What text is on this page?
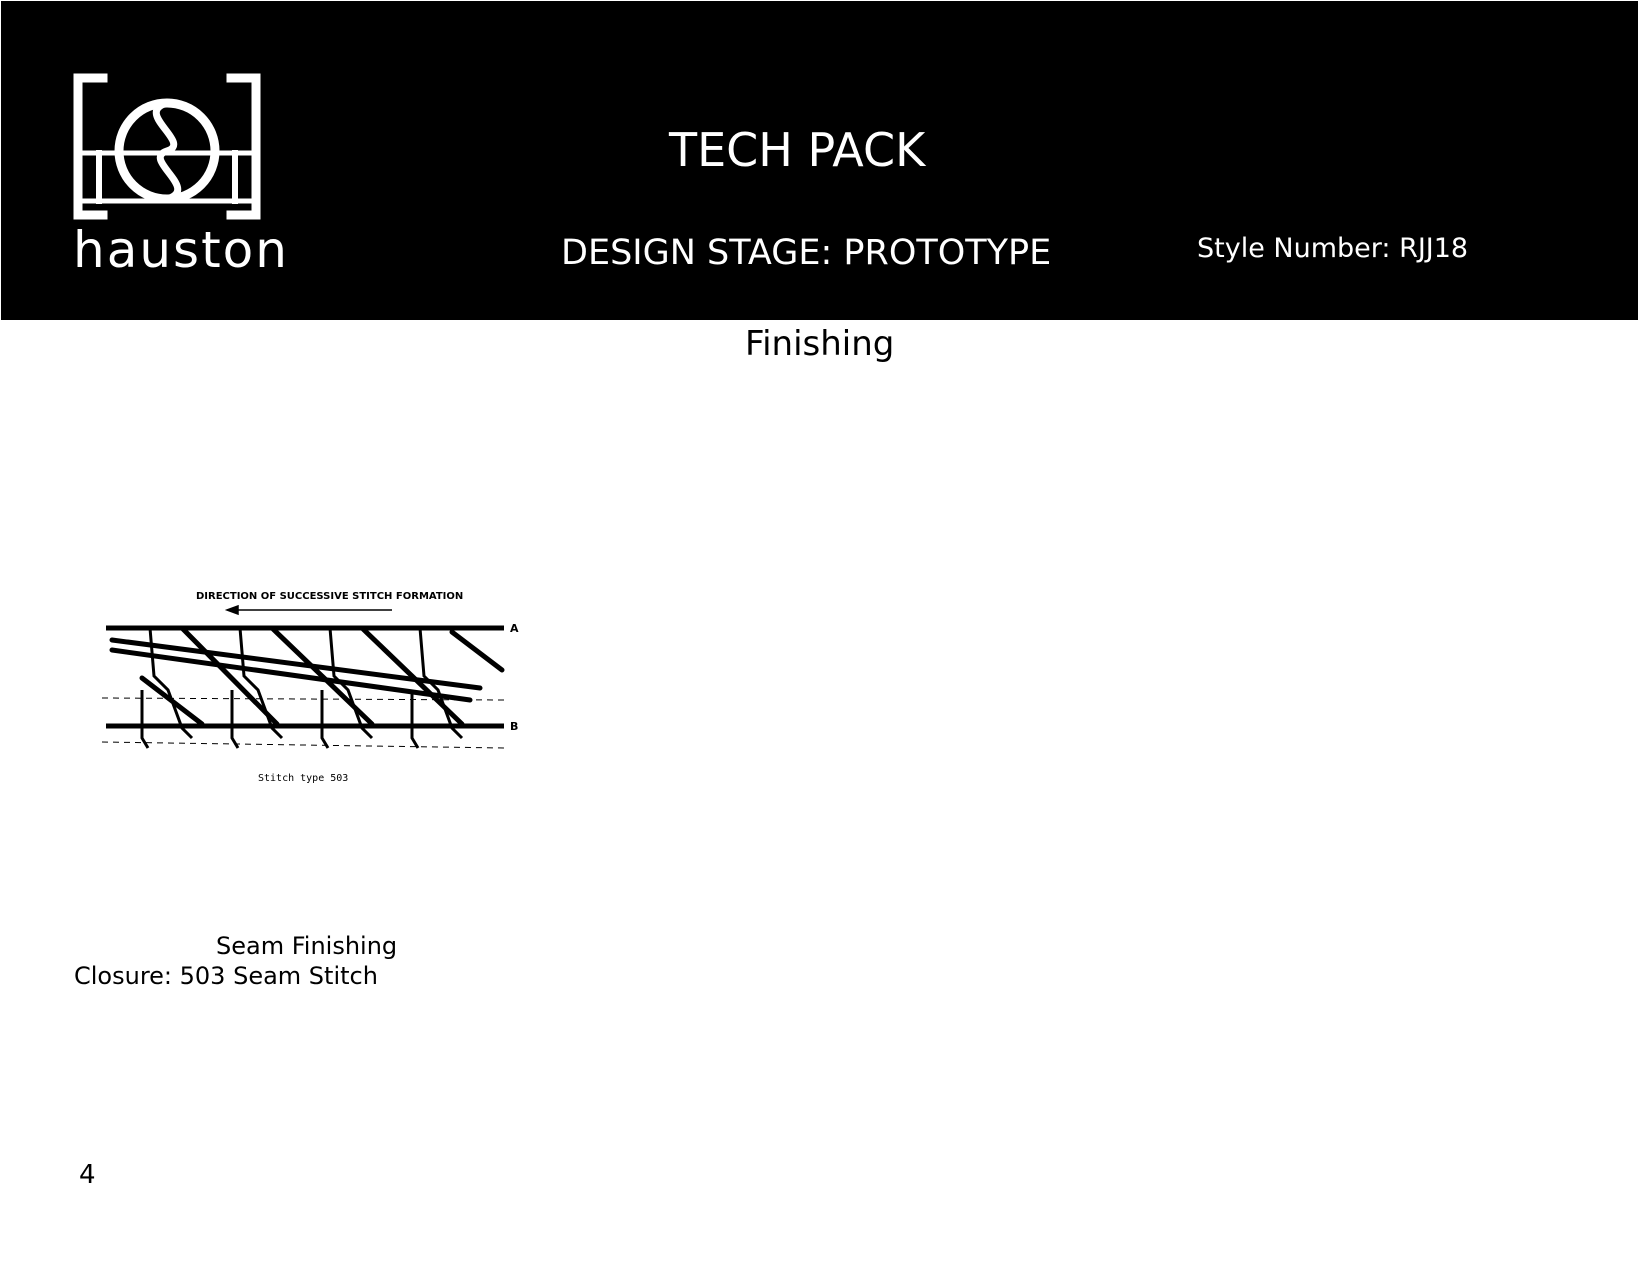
hauston
TECH PACK
DESIGN STAGE: PROTOTYPE	Style Number: RJJ18
Finishing
DIRECTION OF SUCCESSIVE STITCH FORMATION
A
B
Stitch type 503
Seam Finishing
Closure: 503 Seam Stitch
4
